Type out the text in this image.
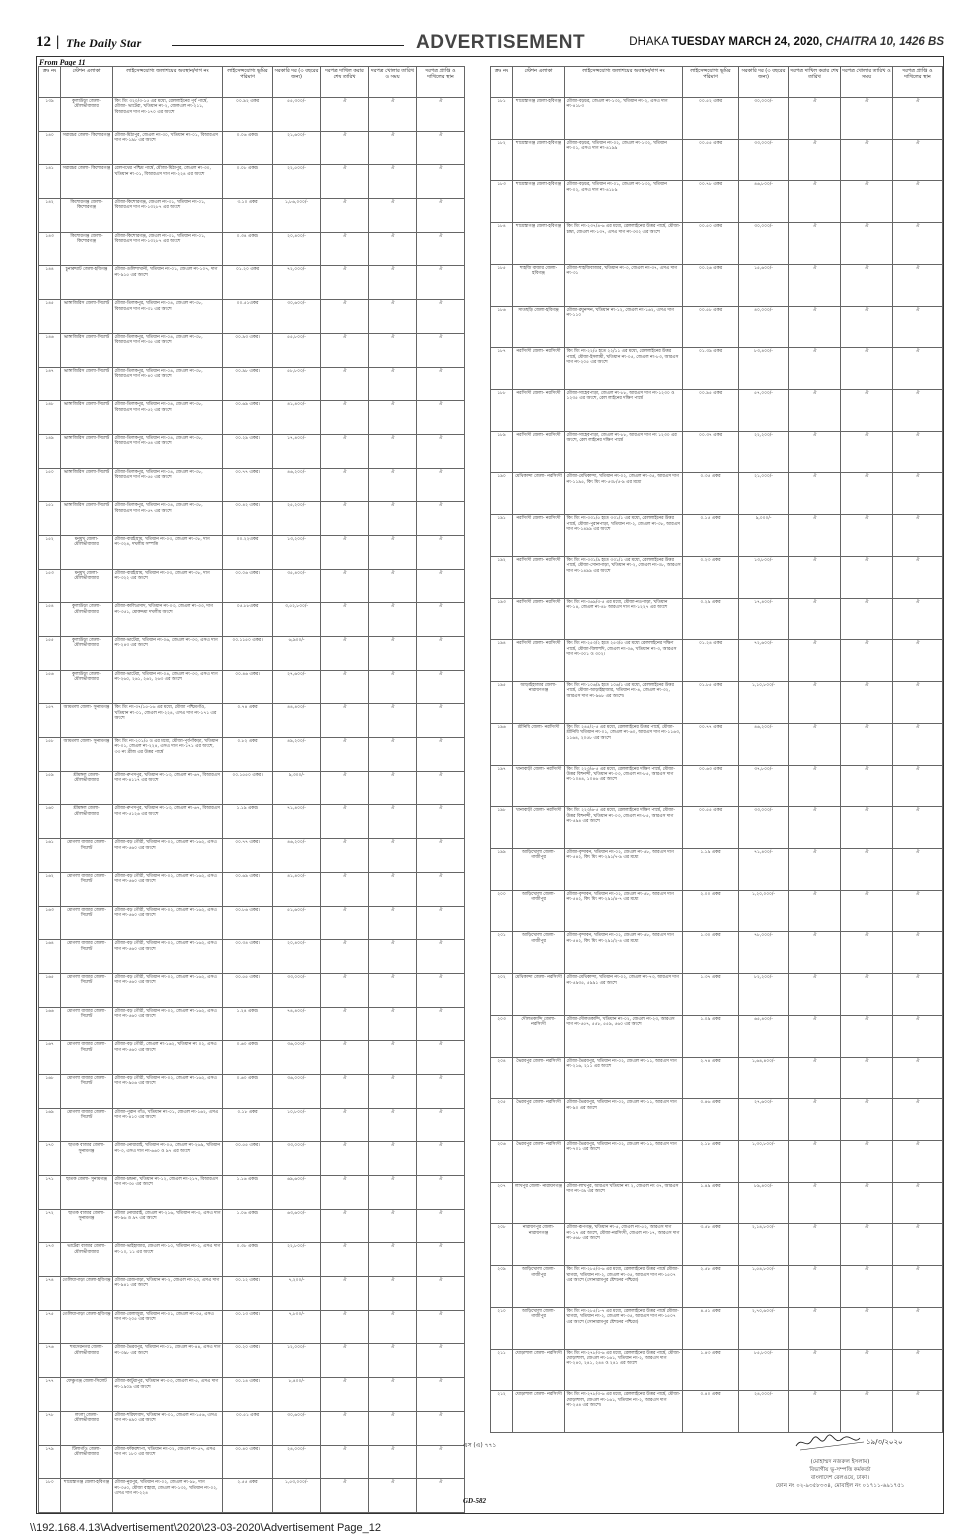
12 | The Daily Star	ADVERTISEMENT	DHAKA TUESDAY MARCH 24, 2020, CHAITRA 10, 1426 BS
From Page 11
ক্রঃ নং	স্টেশন এলাকা	লাইসেন্সযোগ্য জলাশয়ের অবস্থান/দাগ নং	লাইসেন্সযোগ্য ভূমির পরিমাণ	সরকারি দর (৩ বছরের জন্য)	দরপত্র দাখিল করার শেষ তারিখ	দরপত্র খোলার তারিখ ও সময়	দরপত্র প্রাপ্তি ও দাখিলের স্থান
১৩৯	কুলাউড়া জেলা- মৌলভীবাজার	কিং মিং ৩২০/৩-১৫ এর মধ্যে, রেললাইনের পূর্ব পার্শ্বে, মৌজা- ভাটেরা, খতিয়ান নং-২, জেলএল নং-২১১, বিআরএস দাগ নং-১৭০ এর অংশে	০০.৯২ একর	৫৫,৩০০/-	ঐ	ঐ	ঐ
১৪০	সরারচর জেলা- কিশোরগঞ্জ	মৌজা-মিঠাপুর, জেএল নং-৩০, খতিয়ান নং-০১, বিআরএস দাগ নং-১৯৮ এর অংশে	০.০৬ একর।	২১,৬০০/-	ঐ	ঐ	ঐ
১৪১	সরারচর জেলা- কিশোরগঞ্জ	রেলপথের পশ্চিম পার্শ্বে, মৌজা-মিঠাপুর, জেএল নং-৩০, খতিয়ান নং-০১, বিআরএস দাগ নং-২২৪ এর অংশে	০.০৮ একর।	২২,৫০০/-	ঐ	ঐ	ঐ
১৪২	কিশোরগঞ্জ জেলা- কিশোরগঞ্জ	মৌজা-কিশোরগঞ্জ, জেএল নং-৩১, খতিয়ান নং-০১, বিআরএস দাগ নং-১৩২৮৭ এর অংশে	৩.১০ একর	১,৮৬,০০০/-	ঐ	ঐ	ঐ
১৪৩	কিশোরগঞ্জ জেলা- কিশোরগঞ্জ	মৌজা-কিশোরগঞ্জ, জেএল নং-৩১, খতিয়ান নং-০১, বিআরএস দাগ নং-১৩২৮৭ এর অংশে	০.৩৪ একর।	২০,৪০০/-	ঐ	ঐ	ঐ
১৪৪	চুনারুঘাট জেলা-হবিগঞ্জ	মৌজা-গুলিশাখানী, খতিয়ান নং-০১, জেএল নং-১০৭, দাগ নং-৯১৫ এর অংশে	০১.২০ একর	৭২,০০০/-	ঐ	ঐ	ঐ
১৪৫	ভাঙ্গাজিরিস জেলা-সিলেট	মৌজা-তিলকপুর, খতিয়ান নং-০৪, জেএল নং-৩৮, বিআরএস দাগ নং-৩১ এর অংশে	০০.৫১একর	৩০,৬০০/-	ঐ	ঐ	ঐ
১৪৬	ভাঙ্গাজিরিস জেলা-সিলেট	মৌজা-তিলকপুর, খতিয়ান নং-০৪, জেএল নং-৩৮, বিআরএস দাগ নং-৩৫ এর অংশে	০০.৯৩ একর।	৫৫,৮০০/-	ঐ	ঐ	ঐ
১৪৭	ভাঙ্গাজিরিস জেলা-সিলেট	মৌজা-তিলকপুর, খতিয়ান নং-০৪, জেএল নং-৩৮, বিআরএস দাগ নং-৪০ এর অংশে	০০.৯৮ একর।	৫৮,৮০০/-	ঐ	ঐ	ঐ
১৪৮	ভাঙ্গাজিরিস জেলা-সিলেট	মৌজা-তিলকপুর, খতিয়ান নং-০৪, জেএল নং-৩৮, বিআরএস দাগ নং-৫২ এর অংশে	০০.৬৯ একর।	৪১,৪০০/-	ঐ	ঐ	ঐ
১৪৯	ভাঙ্গাজিরিস জেলা-সিলেট	মৌজা-তিলকপুর, খতিয়ান নং-০৪, জেএল নং-৩৮, বিআরএস দাগ নং-৫৪ এর অংশে	০০.২৯ একর।	১৭,৪০০/-	ঐ	ঐ	ঐ
১৫০	ভাঙ্গাজিরিস জেলা-সিলেট	মৌজা-তিলকপুর, খতিয়ান নং-০৪, জেএল নং-৩৮, বিআরএস দাগ নং-৫৫ এর অংশে	০০.৭৭ একর।	৪৬,২০০/-	ঐ	ঐ	ঐ
১৫১	ভাঙ্গাজিরিস জেলা-সিলেট	মৌজা-তিলকপুর, খতিয়ান নং-০৪, জেএল নং-৩৮, বিআরএস দাগ নং-৫৭ এর অংশে	০০.৪২ একর।	২৫,২০০/-	ঐ	ঐ	ঐ
১৫২	মনুমুখ জেলা- মৌলভীবাজার	মৌজা-বারইগ্রাম, খতিয়ান নং-০৩, জেএল নং-৩৮, দাগ নং-৩২৪, দখলীয় সম্পত্তি	০০.২২একর	১৩,২০০/-	ঐ	ঐ	ঐ
১৫৩	মনুমুখ জেলা- মৌলভীবাজার	মৌজা-বারইগ্রাম, খতিয়ান নং-০৩, জেএল নং-৩৮, দাগ নং-৩২২ এর অংশে	০০.০৬ একর।	৩৫,৪০০/-	ঐ	ঐ	ঐ
১৫৪	কুলাউড়া জেলা- মৌলভীবাজার	মৌজা-কালিপ্রসাদ, খতিয়ান নং-০৩, জেএল নং-৩৩, দাগ নং-৩৫১, মোকদ্দমা দখলীয় অংশে	০৫.৮৮একর	৩,৫২,৮০০/-	ঐ	ঐ	ঐ
১৫৫	কুলাউড়া জেলা- মৌলভীবাজার	মৌজা-ভাটেরা, খতিয়ান নং-০৬, জেএল নং-৩৩, এসএ দাগ নং-২৪৩ এর অংশে	০০.১১৫০ একর।	৬,৯০০/-	ঐ	ঐ	ঐ
১৫৬	কুলাউড়া জেলা- মৌলভীবাজার	মৌজা-ভাটেরা, খতিয়ান নং-০৪, জেএল নং-৩৩, এসএ দাগ নং-২৬০, ২৬১, ২৬২, ২৬৩ এর অংশে	০০.৪৬ একর।	২৭,৬০০/-	ঐ	ঐ	ঐ
১৫৭	আমতলা জেলা- সুনামগঞ্জ	কিং মিং নং-৩৭/১৫-১৬ এর মধ্যে, মৌজা পশ্চিমগাঁও, খতিয়ান নং-০১, জেএল নং-২২৪, এসএ দাগ নং-১৭১ এর অংশে	০.৭৪ একর	৪৪,৪০০/-	ঐ	ঐ	ঐ
১৫৮	আমতলা জেলা- সুনামগঞ্জ	কিং মিং নং-২০১/৫ ও এর মধ্যে, মৌজা-পূর্বপাঁকড়া, খতিয়ান নং-০১, জেএল নং-২২৪, এসএ দাগ নং-১৭১ এর অংশে, ৩৩ নং ব্রীজ এর উত্তর পার্শ্বে	০.৮২ একর	৪৯,২০০/-	ঐ	ঐ	ঐ
১৫৯	শ্রীমঙ্গল জেলা- মৌলভীবাজার	মৌজা-রুপসপুর, খতিয়ান নং-১৩, জেএল নং-৬৭, বিআরএস দাগ নং-৪১১৭ এর অংশে	০০.১৫৫০ একর।	৯,৩০০/-	ঐ	ঐ	ঐ
১৬০	শ্রীমঙ্গল জেলা- মৌলভীবাজার	মৌজা-রুপসপুর, খতিয়ান নং-১৩, জেএল নং-৬৭, বিআরএস দাগ নং-৫১২৬ এর অংশে	১.১৯ একর।	৭১,৪০০/-	ঐ	ঐ	ঐ
১৬১	মোগলা বাজার জেলা-সিলেট	মৌজা-বড় গৌরী, খতিয়ান নং-০২, জেএল নং-১৬২, এসএ দাগ নং-৫৬০ এর অংশে	০০.৭৭ একর।	৪৬,২০০/-	ঐ	ঐ	ঐ
১৬২	মোগলা বাজার জেলা-সিলেট	মৌজা-বড় গৌরী, খতিয়ান নং-০২, জেএল নং-১৬২, এসএ দাগ নং-৫৬০ এর অংশে	০০.৬৯ একর।	৪১,৪০০/-	ঐ	ঐ	ঐ
১৬৩	মোগলা বাজার জেলা-সিলেট	মৌজা-বড় গৌরী, খতিয়ান নং-০২, জেএল নং-১৬২, এসএ দাগ নং-৫৬০ এর অংশে	০০.৮৬ একর।	৫১,৬০০/-	ঐ	ঐ	ঐ
১৬৪	মোগলা বাজার জেলা-সিলেট	মৌজা-বড় গৌরী, খতিয়ান নং-০২, জেএল নং-১৬২, এসএ দাগ নং-৫৬০ এর অংশে	০০.৩৪ একর।	২০,৪০০/-	ঐ	ঐ	ঐ
১৬৫	মোগলা বাজার জেলা-সিলেট	মৌজা-বড় গৌরী, খতিয়ান নং-০২, জেএল নং-১৬২, এসএ দাগ নং-৫৬০ এর অংশে	০০.৫৫ একর।	৩৩,০০০/-	ঐ	ঐ	ঐ
১৬৬	মোগলা বাজার জেলা-সিলেট	মৌজা-বড় গৌরী, খতিয়ান নং-০২, জেএল নং-১৬২, এসএ দাগ নং-৫৬০ এর অংশে	১.২৪ একর।	৭৪,৪০০/-	ঐ	ঐ	ঐ
১৬৭	মোগলা বাজার জেলা-সিলেট	মৌজা-বড় গৌরী, জেএল নং-১৬২, খতিয়ান নং ০২, এসএ দাগ নং-৫৬০ এর অংশে	০.৬০ একর।	৩৬,০০০/-	ঐ	ঐ	ঐ
১৬৮	মোগলা বাজার জেলা-সিলেট	মৌজা-বড় গৌরী, খতিয়ান নং-০২, জেএল নং-১৬২, এসএ দাগ নং-৯৫৬ এর অংশে	০.৬০ একর।	৩৬,০০০/-	ঐ	ঐ	ঐ
১৬৯	মোগলা বাজার জেলা-সিলেট	মৌজা-পুরান গাঁও, খতিয়ান নং-০১, জেএল নং-১৬২, এসএ দাগ নং-৪১০ এর অংশে	০.১৮ একর	১০,৮০০/-	ঐ	ঐ	ঐ
১৭০	ছাতক বাজার জেলা- সুনামগঞ্জ	মৌজা-নোয়ারাই, খতিয়ান নং-০৫, জেএল নং-২৬৯, খতিয়ান নং-৩, এসএ দাগ নং-৬৬০ ও ৯৭ এর অংশে	০০.৫৫ একর।	৩৩,০০০/-	ঐ	ঐ	ঐ
১৭১	ছাতক জেলা- সুনামগঞ্জ	মৌজা-চন্দ্রনা, খতিয়ান নং-১২, জেএল নং-২১৭, বিআরএস দাগ নং-৩৫ এর অংশে	১.১৬ একর।	৬৯,৬০০/-	ঐ	ঐ	ঐ
১৭২	ছাতক বাজার জেলা- সুনামগঞ্জ	মৌজা নোয়ারাই, জেএল নং-২১৬, খতিয়ান নং-৩, এসএ দাগ নং-৯৬ ও ৯৭ এর অংশে	১.০৬ একর।	৬৩,৬০০/-	ঐ	ঐ	ঐ
১৭৩	ভাটেরা বাজার জেলা- মৌলভীবাজার	মৌজা-ভাইহাজার, জেএল নং-১০, খতিয়ান নং-২, এসএ দাগ নং-১০, ১১ এর অংশে	০.৩৮ একর।	২২,৮০০/-	ঐ	ঐ	ঐ
১৭৪	তেলিয়াপাড়া জেলা-হবিগঞ্জ	মৌজা-রেজপাড়া, খতিয়ান নং-২, জেএল নং-২৩, এসএ দাগ নং-৯৪১ এর অংশে	০০.১২ একর।	৭,২০০/-	ঐ	ঐ	ঐ
১৭৫	তেলিয়াপাড়া জেলা-হবিগঞ্জ	মৌজা-বেলাজুরা, খতিয়ান নং-০১, জেএল নং-৩৫, এসএ দাগ নং-২০৫ এর অংশে	০০.১৩ একর।	৭,৮০০/-	ঐ	ঐ	ঐ
১৭৬	শমসেরনগর জেলা- মৌলভীবাজার	মৌজা-ভৈরবপুর, খতিয়ান নং-০১, জেএল নং-৪৪, এসএ দাগ নং-৩৯৮ এর অংশে	০০.২০ একর।	১২,০০০/-	ঐ	ঐ	ঐ
১৭৭	ফেঞ্চুগঞ্জ জেলা-সিলেট	মৌজা-কাটুরাপুর, খতিয়ান নং-০৩, জেএল নং-৫, এসএ দাগ নং-১৯০৯ এর অংশে	০০.১৪ একর।	৮,৪০০/-	ঐ	ঐ	ঐ
১৭৮	লংলা জেলা- মৌলভীবাজার	মৌজা-শরিফাবাদ, খতিয়ান নং-০১, জেএল নং-১৫৬, এসএ দাগ নং-৪৯০ এর অংশে	০০.৫১ একর	৩০,৬০০/-	ঐ	ঐ	ঐ
১৭৯	টিলাগাঁও জেলা- মৌলভীবাজার	মৌজা-ফাঁকরশাপা, খতিয়ান নং-০২, জেএল নং-৫৭, এসএ দাগ নং ১৮০ এর অংশে	০০.৪০ একর।	২৪,০০০/-	ঐ	ঐ	ঐ
১৮০	শায়েস্তাগঞ্জ জেলা-হবিগঞ্জ	মৌজা-নুরপুর, খতিয়ান নং-০২, জেএল নং-৯৮, দাগ নং-৩৫০, মৌজা বাহারা, জেএল নং-১৩২, খতিয়ান নং-০২, এসএ দাগ নং-২২৪	২.৫৫ একর	১,৫৩,০০০/-	ঐ	ঐ	ঐ
ক্রঃ নং	স্টেশন এলাকা	লাইসেন্সযোগ্য জলাশয়ের অবস্থান/দাগ নং	লাইসেন্সযোগ্য ভূমির পরিমাণ	সরকারি দর (৩ বছরের জন্য)	দরপত্র দাখিল করার শেষ তারিখ	দরপত্র খোলার তারিখ ও সময়	দরপত্র প্রাপ্তি ও দাখিলের স্থান
১৮১	শায়েস্তাগঞ্জ জেলা-হবিগঞ্জ	মৌজা-বড়চর, জেএল নং-১৩২, খতিয়ান নং-২, এসএ দাগ নং-৪১৮৩	০০.৫২ একর	৩০,০০০/-	ঐ	ঐ	ঐ
১৮২	শায়েস্তাগঞ্জ জেলা-হবিগঞ্জ	মৌজা-বড়চর, খতিয়ান নং-০২, জেএল নং-১৩২, খতিয়ান নং-০১, এসএ দাগ নং-৪১৯৯	০০.৫৫ একর	৩৩,০০০/-	ঐ	ঐ	ঐ
১৮৩	শায়েস্তাগঞ্জ জেলা-হবিগঞ্জ	মৌজা-বড়চর, খতিয়ান নং-০১, জেএল নং-১৩২, খতিয়ান নং-০২, এসএ দাগ নং-৪১৮৯	০০.৭৮ একর	৪৬,৮০০/-	ঐ	ঐ	ঐ
১৮৪	শায়েস্তাগঞ্জ জেলা-হবিগঞ্জ	কিং মিং নং-২৩৭/৪-৬ এর মধ্যে, রেললাইনের উত্তর পার্শ্বে, মৌজা-চন্দ্রা, জেএল নং-১৩৭, এসএ দাগ নং-৩৩২ এর অংশে	০০.৫০ একর	৩০,০০০/-	ঐ	ঐ	ঐ
১৮৫	শাহজি বাজার জেলা-হবিগঞ্জ	মৌজা-শাহজিবাজার, খতিয়ান নং-৩, জেএল নং-৩৭, এসএ দাগ নং-৩১	০০.২৬ একর	১৫,৬০০/-	ঐ	ঐ	ঐ
১৮৬	সাতছড়ি জেলা-হবিগঞ্জ	মৌজা-রঘুনন্দন, খতিয়ান নং-১২, জেএল নং-১৬২, এসএ দাগ নং-১১০	০০.৫৮ একর	৪০,০০০/-	ঐ	ঐ	ঐ
১৮৭	নরসিংদী জেলা- নরসিংদী	কিং মিং নং-২২/৫ হতে ২২/১১ এর মধ্যে, রেললাইনের উত্তর পার্শ্বে, মৌজা-ইসলামী, খতিয়ান নং-০৫, জেএল নং-৮৩, আরএস দাগ নং-২০৫ এর অংশে	০১.৩৯ একর	৮৩,৪০০/-	ঐ	ঐ	ঐ
১৮৮	নরসিংদী জেলা- নরসিংদী	মৌজা-সাহেবপাড়া, জেএল নং-৮৮, আরএস দাগ নং-১২৩০ ও ১২৩৫ এর অংশে, রেল লাইনের দক্ষিণ পার্শ্বে	০০.৯৫ একর	৫৭,০০০/-	ঐ	ঐ	ঐ
১৮৯	নরসিংদী জেলা- নরসিংদী	মৌজা-সাহেবপাড়া, জেএল নং-৮৮, আরএস দাগ নং ১২৩০ এর অংশে, রেল লাইনের দক্ষিণ পার্শ্বে	০০.৩৭ একর	২২,২০০/-	ঐ	ঐ	ঐ
১৯০	মেথিকান্দা জেলা- নরসিংদী	মৌজা-মেথিকান্দা, খতিয়ান নং-০২, জেএল নং-৩৫, আরএস দাগ নং-১১৯৫, কিং মিং নং-৫৩৮/৫-৯ এর মধ্যে	০.৩৫ একর	২১,০০০/-	ঐ	ঐ	ঐ
১৯১	নরসিংদী জেলা- নরসিংদী	কিং মিং নং-৩৩১/৫ হতে ৩৩১/১ এর মধ্যে, রেললাইনের উত্তর পার্শ্বে, মৌজা-পুরানপাড়া, খতিয়ান নং-২, জেএল নং-৩৮, আরএস দাগ নং-১৪৯৯ এর অংশে	০.১৫ একর	৯,০০০/-	ঐ	ঐ	ঐ
১৯২	নরসিংদী জেলা- নরসিংদী	কিং মিং নং-৩৩১/৯ হতে ৩৩১/১ এর মধ্যে, রেললাইনের উত্তর পার্শ্বে, মৌজা-সোনাপাড়া, খতিয়ান নং-২, জেএল নং-৩৮, আরএস দাগ নং-১৪৯৯ এর অংশে	০.২৩ একর	১৩,৮০০/-	ঐ	ঐ	ঐ
১৯৩	নরসিংদী জেলা- নরসিংদী	কিং মিং নং-৩৬৯/৩-৫ এর মধ্যে, মৌজা-নওপাড়া, খতিয়ান নং-১৪, জেএল নং-৪৮ আরএস দাগ নং-১২২৭ এর অংশে	০.২৯ একর	১৭,৪০০/-	ঐ	ঐ	ঐ
১৯৪	নরসিংদী জেলা- নরসিংদী	কিং মিং নং-২৫৩/২ হতে ২৫৩/৫ এর মধ্যে রেললাইনের দক্ষিণ পার্শ্বে, মৌজা-বিলাশদি, জেএল নং-৩৬, খতিয়ান নং-৩, আরএস দাগ নং-৩০১ ও ৩০২।	০১.২৪ একর	৭২,৬০০/-	ঐ	ঐ	ঐ
১৯৫	আড়াইহাজার জেলা- নারায়ণগঞ্জ	কিং মিং নং-১০৬/৯ হতে ১০৬/১ এর মধ্যে, রেললাইনের উত্তর পার্শ্বে, মৌজা-আড়াইহাজার, খতিয়ান নং-৪, জেএল নং-৩২, আরএস দাগ নং-৯৬৮ এর অংশে।	০১.৮৫ একর	১,১০,৮০০/-	ঐ	ঐ	ঐ
১৯৬	শ্রীনিধি জেলা- নরসিংদী	কিং মিং ২৪৫/২-৫ এর মধ্যে, রেললাইনের উত্তর পার্শ্বে, মৌজা-শ্রীনিধি খতিয়ান নং-০১, জেএল নং-৬০, আরএস দাগ নং-১১৬৩, ১১৬৪, ২০৫৮ এর অংশে	০০.৭৭ একর	৪৬,২০০/-	ঐ	ঐ	ঐ
১৯৭	খানাবাড়ী জেলা- নরসিংদী	কিং মিং ২২৩/৬-৫ এর মধ্যে, রেললাইনের দক্ষিণ পার্শ্বে, মৌজা-উত্তর বিশনন্দী, খতিয়ান নং-০৩, জেএল নং-৮৫, আরএস দাগ নং-১০৪৪, ১০৪৬ এর অংশে	০০.৬৩ একর	৩৭,৮০০/-	ঐ	ঐ	ঐ
১৯৮	খানাবাড়ী জেলা- নরসিংদী	কিং মিং ২২৩/৬-৫ এর মধ্যে, রেললাইনের দক্ষিণ পার্শ্বে, মৌজা-উত্তর বিশনন্দী, খতিয়ান নং-০৩, জেএল নং-৮৫, আরএস দাগ নং-৫৯৪ এর অংশে	০০.৫৫ একর	৩৩,০০০/-	ঐ	ঐ	ঐ
১৯৯	আড়িখোলা জেলা- গাজীপুর	মৌজা-বৃন্দাবন, খতিয়ান নং-০২, জেএল নং-৫৮, আরএস দাগ নং-৫৪২, কিং মিং নং-২৯১/৭-৯ এর মধ্যে	১.১৯ একর	৭১,৪০০/-	ঐ	ঐ	ঐ
২০০	আড়িখোলা জেলা- গাজীপুর	মৌজা-বৃন্দাবন, খতিয়ান নং-০২, জেএল নং-৫৮, আরএস দাগ নং-৫৪২, কিং মিং নং-২৯১/৪-৭ এর মধ্যে	২.০০ একর	১,২০,০০০/-	ঐ	ঐ	ঐ
২০১	আড়িখোলা জেলা- গাজীপুর	মৌজা-বৃন্দাবন, খতিয়ান নং-০২, জেএল নং-৫৮, আরএস দাগ নং-৫৪২, কিং মিং নং-২৯১/২-৪ এর মধ্যে	১.৩০ একর	৭৮,০০০/-	ঐ	ঐ	ঐ
২০২	মেথিকান্দা জেলা- নরসিংদী	মৌজা-মেথিকান্দা, খতিয়ান নং-০২, জেএল নং-৭৩, আরএস দাগ নং-৫৯৩৫, ৫৯৯১ এর অংশে	১.৩৭ একর	৮২,২০০/-	ঐ	ঐ	ঐ
২০৩	দৌলতকান্দি জেলা- নরসিংদী	মৌজা-দৌলতকান্দি, খতিয়ান নং-০২, জেএল নং-২৩, আরএস দাগ নং-৫৫৭, ৫৫৮, ৫৫৯, ৫৬০ এর অংশে	১.০৯ একর	৬৫,৪০০/-	ঐ	ঐ	ঐ
২০৪	ভৈরবপুর জেলা- নরসিংদী	মৌজা-ভৈরবপুর, খতিয়ান নং-০২, জেএল নং-১১, আরএস দাগ নং-২১৬, ২১১ এর অংশে	২.৭৪ একর	১,৬৪,৪০০/-	ঐ	ঐ	ঐ
২০৫	ভৈরবপুর জেলা- নরসিংদী	মৌজা-ভৈরবপুর, খতিয়ান নং-০২, জেএল নং-১১, আরএস দাগ নং-৯০ এর অংশে	০.৪৬ একর	২৭,৬০০/-	ঐ	ঐ	ঐ
২০৬	ভৈরবপুর জেলা- নরসিংদী	মৌজা-ভৈরবপুর, খতিয়ান নং-০২, জেএল নং-১১, আরএস দাগ নং-৭০১ এর অংশে	২.১৮ একর	১,৩০,৮০০/-	ঐ	ঐ	ঐ
২০৭	লাখপুর জেলা- নারায়ণগঞ্জ	মৌজা-লাখপুর, আরএস খতিয়ান নং ২, জেএল নং ৩৭, আরএস দাগ নং-৩৯ এর অংশে	১.৪৯ একর	৮৯,৪০০/-	ঐ	ঐ	ঐ
২০৮	নারায়ণপুর জেলা- নারায়ণগঞ্জ	মৌজা-রূপগঞ্জ, খতিয়ান নং-৫, জেএল নং-৫২, আরএস দাগ নং-১৭ এর অংশে, মৌজা-নরসিংদী, জেএল নং-১৭, আরএস দাগ নং-৫৬৮ এর অংশে	৩.৫৮ একর	২,১৪,৮০০/-	ঐ	ঐ	ঐ
২০৯	আড়িখোলা জেলা- গাজীপুর	কিং মিং নং-২৮৫/৩-৬ এর মধ্যে, রেললাইনের উত্তর পার্শ্বে মৌজা-ঘাগরা, খতিয়ান নং-২, জেএল নং-৩৫, আরএস দাগ নং-১৫০৭ এর অংশে (সোনারামপুর ষ্টেশনের পশ্চিমে)	২.৫৮ একর	১,৫৪,৮০০/-	ঐ	ঐ	ঐ
২১০	আড়িখোলা জেলা- গাজীপুর	কিং মিং নং-২৮৫/১-৭ এর মধ্যে, রেললাইনের উত্তর পার্শ্বে মৌজা-ঘাগরা, খতিয়ান নং-২, জেএল নং-৩৫, আরএস দাগ নং-১৫০৭ এর অংশে (সোনারামপুর ষ্টেশনের পশ্চিমে)	৪.৫১ একর	২,৭০,৬০০/-	ঐ	ঐ	ঐ
২১১	ঘোড়াশাল জেলা- নরসিংদী	কিং মিং নং-২৭৮/৩-৬ এর মধ্যে, রেললাইনের উত্তর পার্শ্বে, মৌজা-ঘোড়াশাল, জেএল নং-১৬১, খতিয়ান নং-২, আরএস দাগ নং-২৪০, ২৪১, ২৪৪ ও ২৪১ এর অংশে	১.৪৩ একর	৮৫,৮০০/-	ঐ	ঐ	ঐ
২১২	ঘোড়াশাল জেলা- নরসিংদী	কিং মিং নং-২৭৮/৩-৬ এর মধ্যে, রেললাইনের উত্তর পার্শ্বে, মৌজা-ঘোড়াশাল, জেএল নং-১৬১, খতিয়ান নং-২, আরএস দাগ নং-২৫৪ এর অংশে।	০.৪০ একর	২৪,০০০/-	ঐ	ঐ	ঐ
এস (এ) ৭৭১
GD-582
১৯/৩/২০২০
(মোহাম্মদ নজরুল ইসলাম)
বিভাগীয় ভূ-সম্পত্তি কর্মকর্তা
বাংলাদেশ রেলওয়ে, ঢাকা।
ফোন নং ০২-৯৩৫৮৩৩৪, মোবাইল নং ০১৭১১-৬৯১৭৫১
\\192.168.4.13\Advertisement\2020\23-03-2020\Advertisement Page_12
